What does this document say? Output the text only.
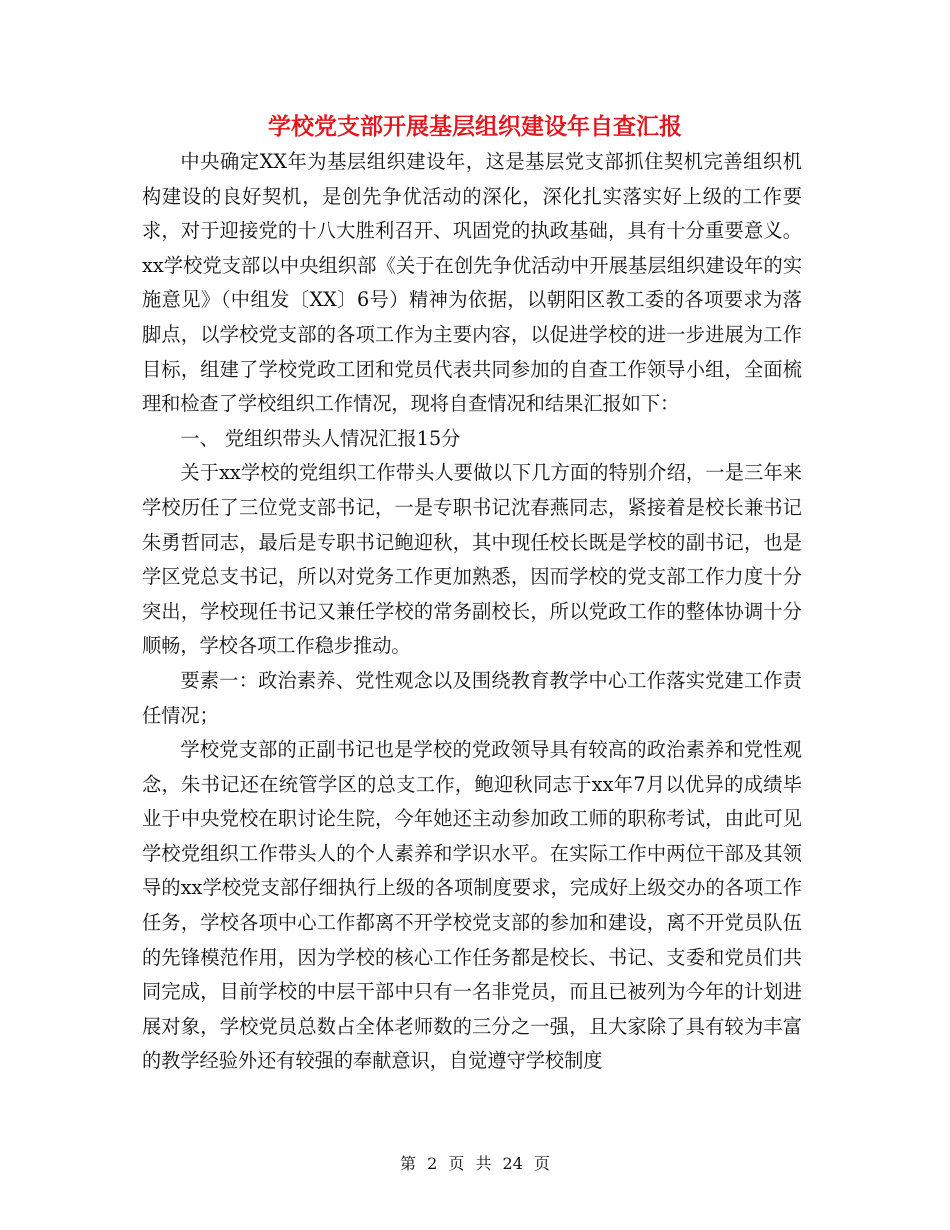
学校党支部开展基层组织建设年自查汇报

中央确定XX年为基层组织建设年，这是基层党支部抓住契机完善组织机构建设的良好契机，是创先争优活动的深化，深化扎实落实好上级的工作要求，对于迎接党的十八大胜利召开、巩固党的执政基础，具有十分重要意义。xx学校党支部以中央组织部《关于在创先争优活动中开展基层组织建设年的实施意见》（中组发〔XX〕6号）精神为依据，以朝阳区教工委的各项要求为落脚点，以学校党支部的各项工作为主要内容，以促进学校的进一步进展为工作目标，组建了学校党政工团和党员代表共同参加的自查工作领导小组，全面梳理和检查了学校组织工作情况，现将自查情况和结果汇报如下：

一、 党组织带头人情况汇报15分

关于xx学校的党组织工作带头人要做以下几方面的特别介绍，一是三年来学校历任了三位党支部书记，一是专职书记沈春燕同志，紧接着是校长兼书记朱勇哲同志，最后是专职书记鲍迎秋，其中现任校长既是学校的副书记，也是学区党总支书记，所以对党务工作更加熟悉，因而学校的党支部工作力度十分突出，学校现任书记又兼任学校的常务副校长，所以党政工作的整体协调十分顺畅，学校各项工作稳步推动。

要素一：政治素养、党性观念以及围绕教育教学中心工作落实党建工作责任情况；

学校党支部的正副书记也是学校的党政领导具有较高的政治素养和党性观念，朱书记还在统管学区的总支工作，鲍迎秋同志于xx年7月以优异的成绩毕业于中央党校在职讨论生院，今年她还主动参加政工师的职称考试，由此可见学校党组织工作带头人的个人素养和学识水平。在实际工作中两位干部及其领导的xx学校党支部仔细执行上级的各项制度要求，完成好上级交办的各项工作任务，学校各项中心工作都离不开学校党支部的参加和建设，离不开党员队伍的先锋模范作用，因为学校的核心工作任务都是校长、书记、支委和党员们共同完成，目前学校的中层干部中只有一名非党员，而且已被列为今年的计划进展对象，学校党员总数占全体老师数的三分之一强，且大家除了具有较为丰富的教学经验外还有较强的奉献意识，自觉遵守学校制度

第 2 页 共 24 页
